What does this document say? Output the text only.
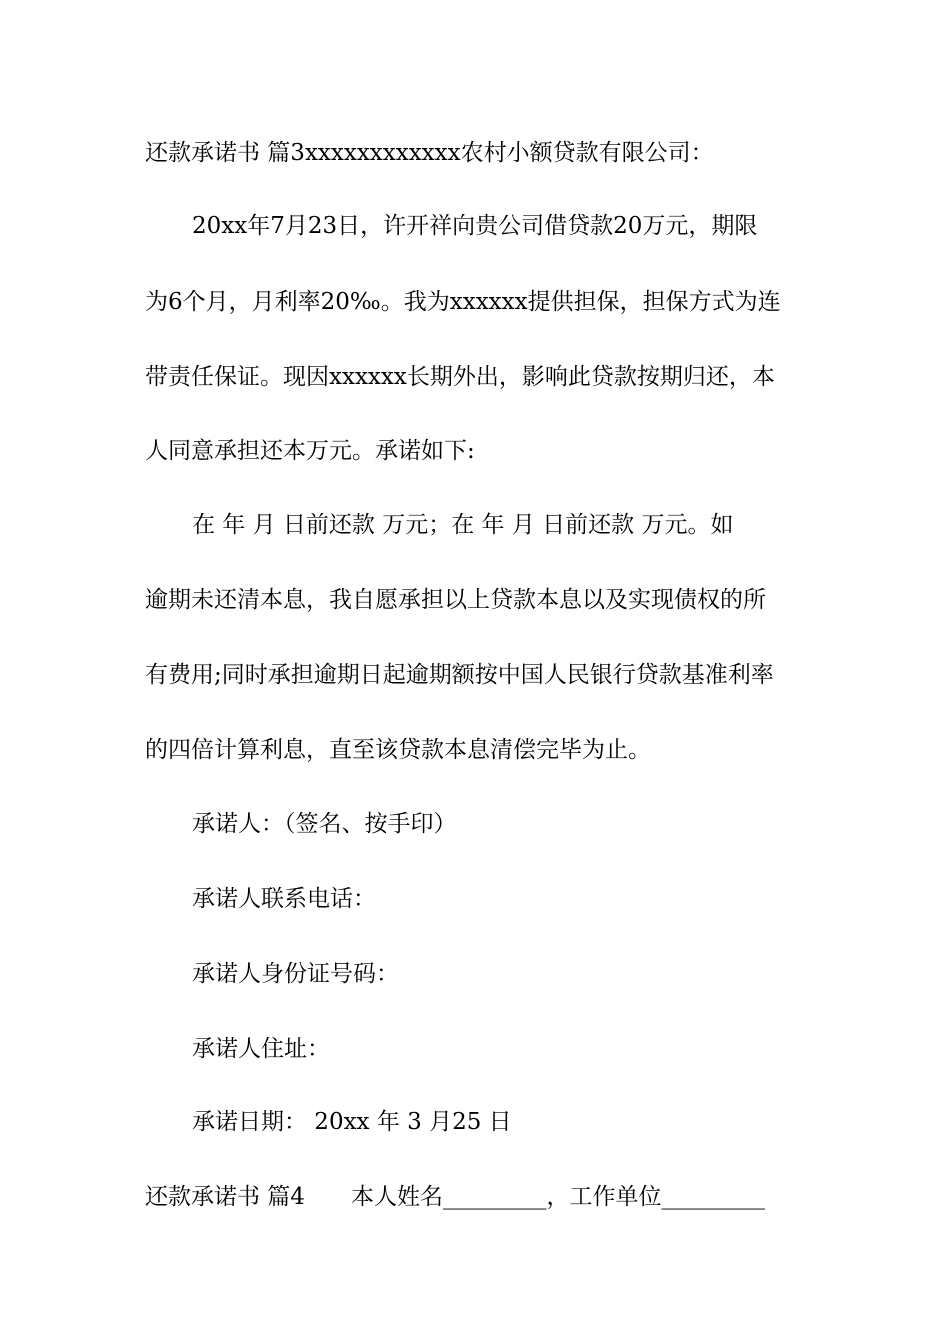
还款承诺书 篇3xxxxxxxxxxxx农村小额贷款有限公司：
20xx年7月23日，许开祥向贵公司借贷款20万元，期限
为6个月，月利率20‰。我为xxxxxx提供担保，担保方式为连
带责任保证。现因xxxxxx长期外出，影响此贷款按期归还，本
人同意承担还本万元。承诺如下:
在 年 月 日前还款 万元；在 年 月 日前还款 万元。如
逾期未还清本息，我自愿承担以上贷款本息以及实现债权的所
有费用;同时承担逾期日起逾期额按中国人民银行贷款基准利率
的四倍计算利息，直至该贷款本息清偿完毕为止。
承诺人：（签名、按手印）
承诺人联系电话：
承诺人身份证号码：
承诺人住址：
承诺日期： 20xx 年 3 月25 日
还款承诺书 篇4　　本人姓名_________，工作单位_________
